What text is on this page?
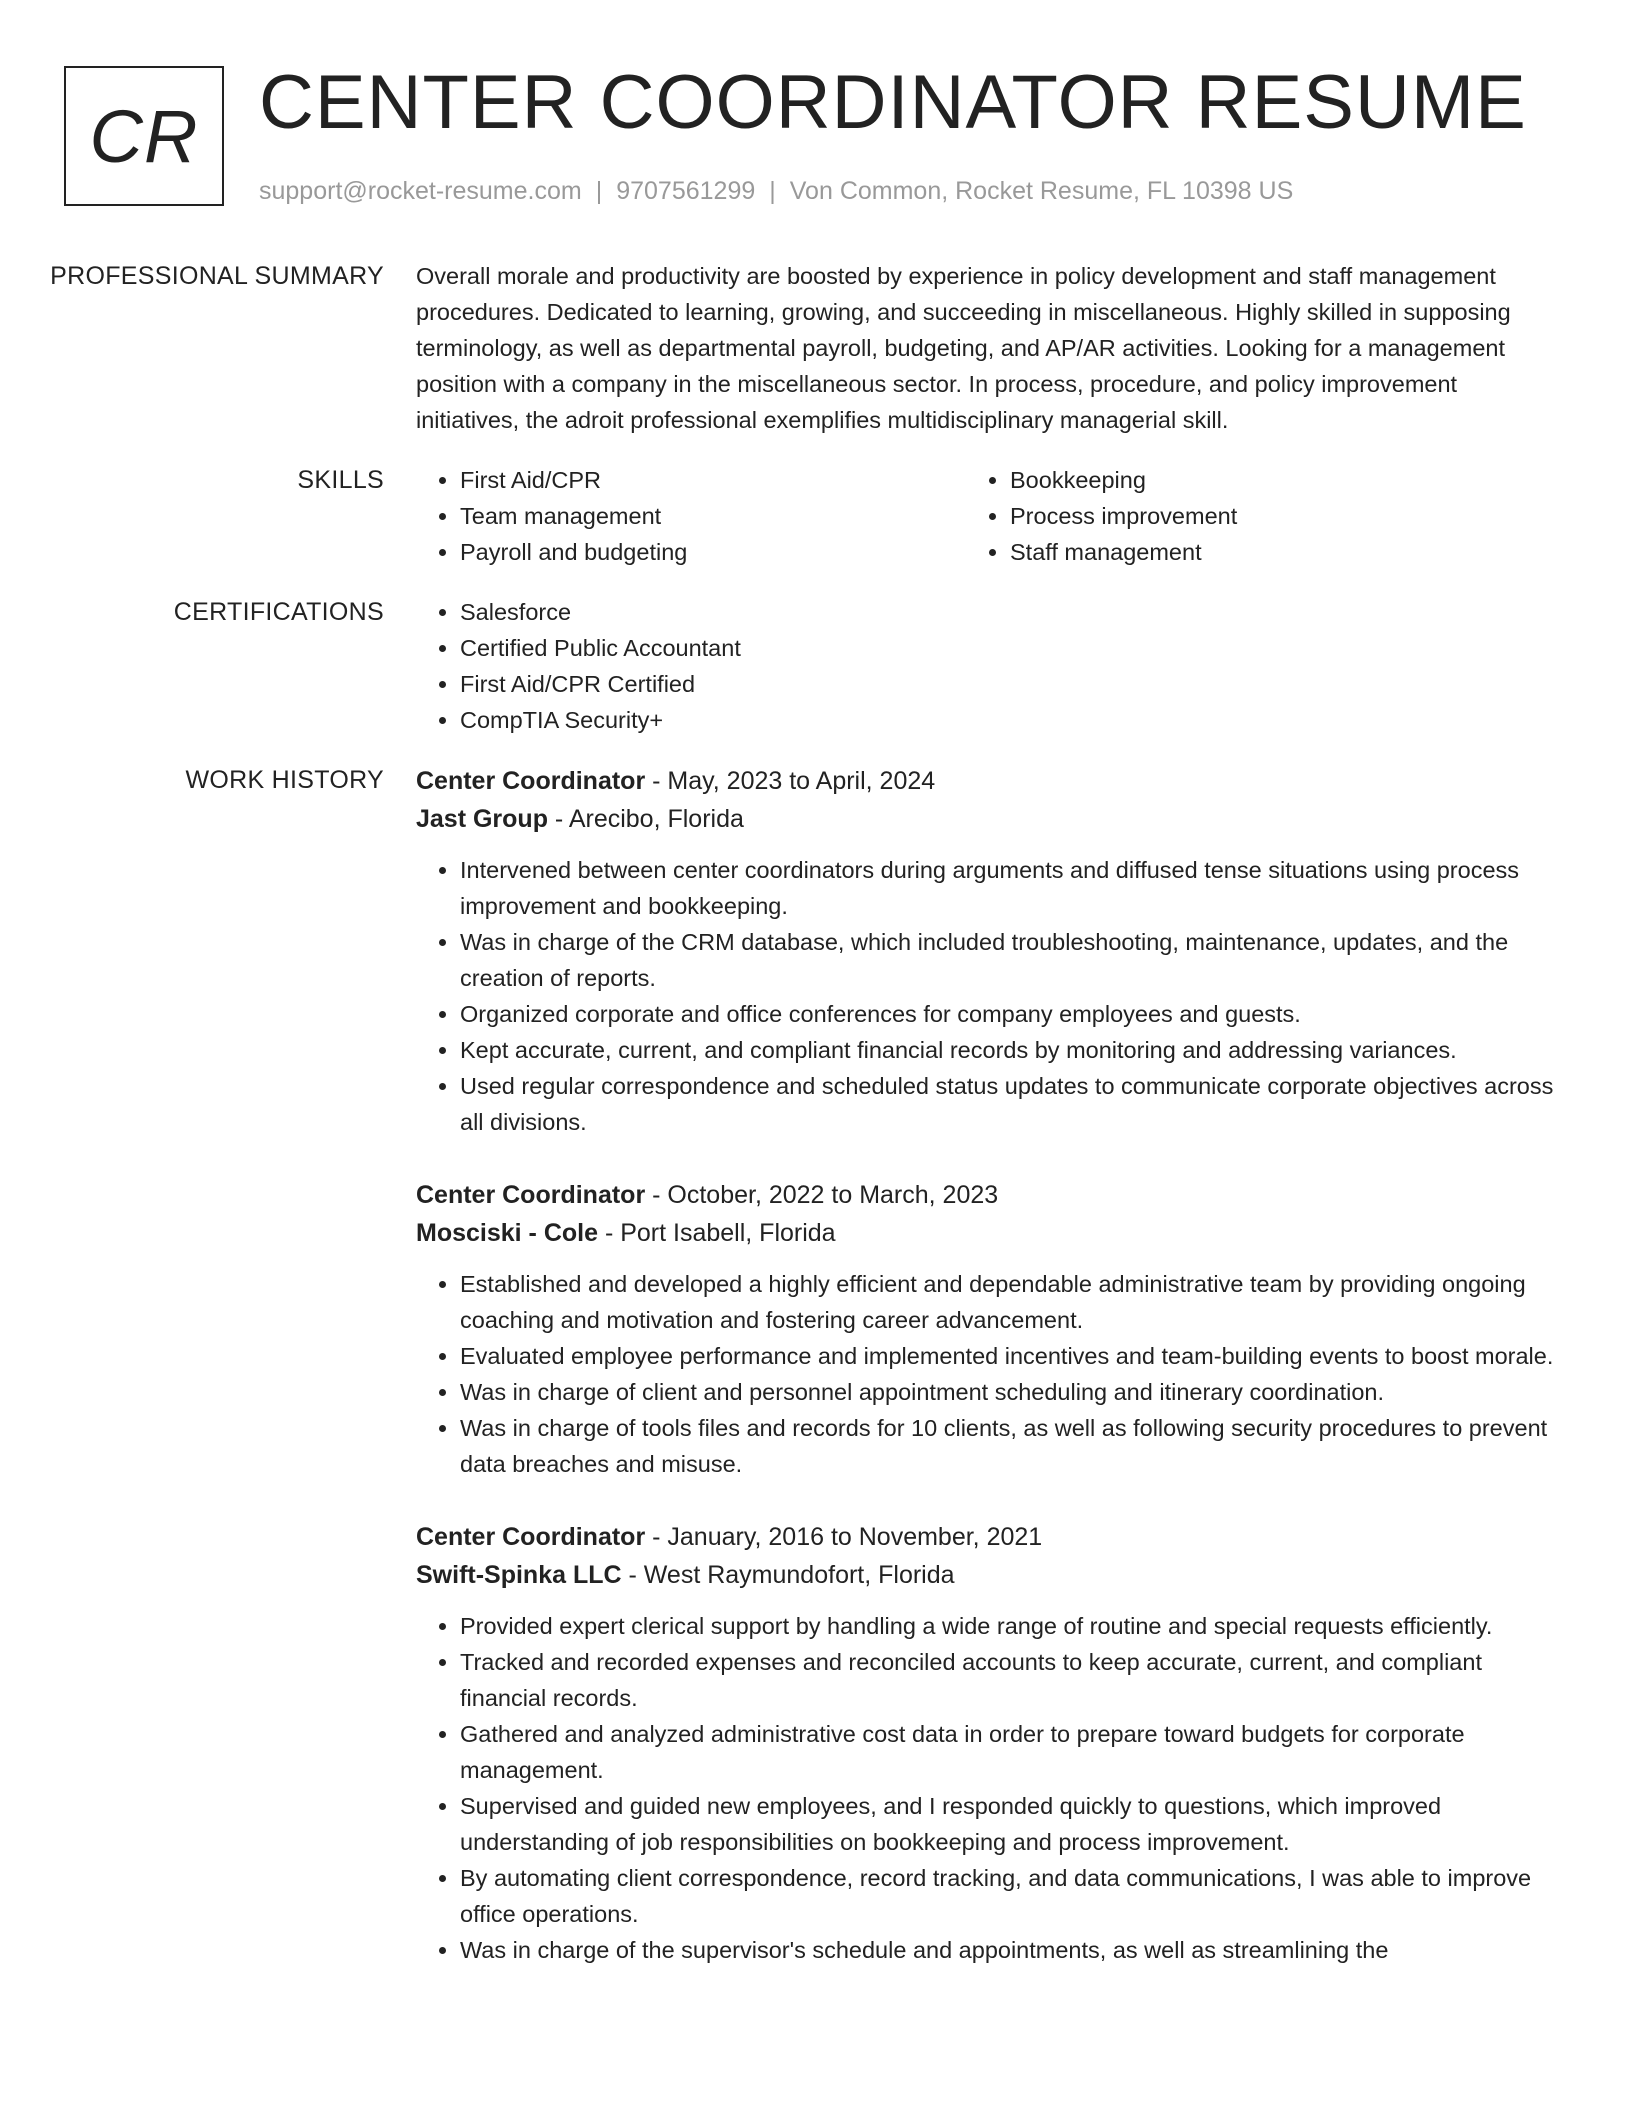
CR CENTER COORDINATOR RESUME
support@rocket-resume.com | 9707561299 | Von Common, Rocket Resume, FL 10398 US
PROFESSIONAL SUMMARY	Overall morale and productivity are boosted by experience in policy development and staff management procedures. Dedicated to learning, growing, and succeeding in miscellaneous. Highly skilled in supposing terminology, as well as departmental payroll, budgeting, and AP/AR activities. Looking for a management position with a company in the miscellaneous sector. In process, procedure, and policy improvement initiatives, the adroit professional exemplifies multidisciplinary managerial skill.

SKILLS	• First Aid/CPR
• Team management
• Payroll and budgeting
• Bookkeeping
• Process improvement
• Staff management
CERTIFICATIONS	• Salesforce
• Certified Public Accountant
• First Aid/CPR Certified
• CompTIA Security+
WORK HISTORY	Center Coordinator - May, 2023 to April, 2024
Jast Group - Arecibo, Florida
• Intervened between center coordinators during arguments and diffused tense situations using process improvement and bookkeeping.
• Was in charge of the CRM database, which included troubleshooting, maintenance, updates, and the creation of reports.
• Organized corporate and office conferences for company employees and guests.
• Kept accurate, current, and compliant financial records by monitoring and addressing variances.
• Used regular correspondence and scheduled status updates to communicate corporate objectives across all divisions.
Center Coordinator - October, 2022 to March, 2023
Mosciski - Cole - Port Isabell, Florida
• Established and developed a highly efficient and dependable administrative team by providing ongoing coaching and motivation and fostering career advancement.
• Evaluated employee performance and implemented incentives and team-building events to boost morale.
• Was in charge of client and personnel appointment scheduling and itinerary coordination.
• Was in charge of tools files and records for 10 clients, as well as following security procedures to prevent data breaches and misuse.
Center Coordinator - January, 2016 to November, 2021
Swift-Spinka LLC - West Raymundofort, Florida
• Provided expert clerical support by handling a wide range of routine and special requests efficiently.
• Tracked and recorded expenses and reconciled accounts to keep accurate, current, and compliant financial records.
• Gathered and analyzed administrative cost data in order to prepare toward budgets for corporate management.
• Supervised and guided new employees, and I responded quickly to questions, which improved understanding of job responsibilities on bookkeeping and process improvement.
• By automating client correspondence, record tracking, and data communications, I was able to improve office operations.
• Was in charge of the supervisor's schedule and appointments, as well as streamlining the
